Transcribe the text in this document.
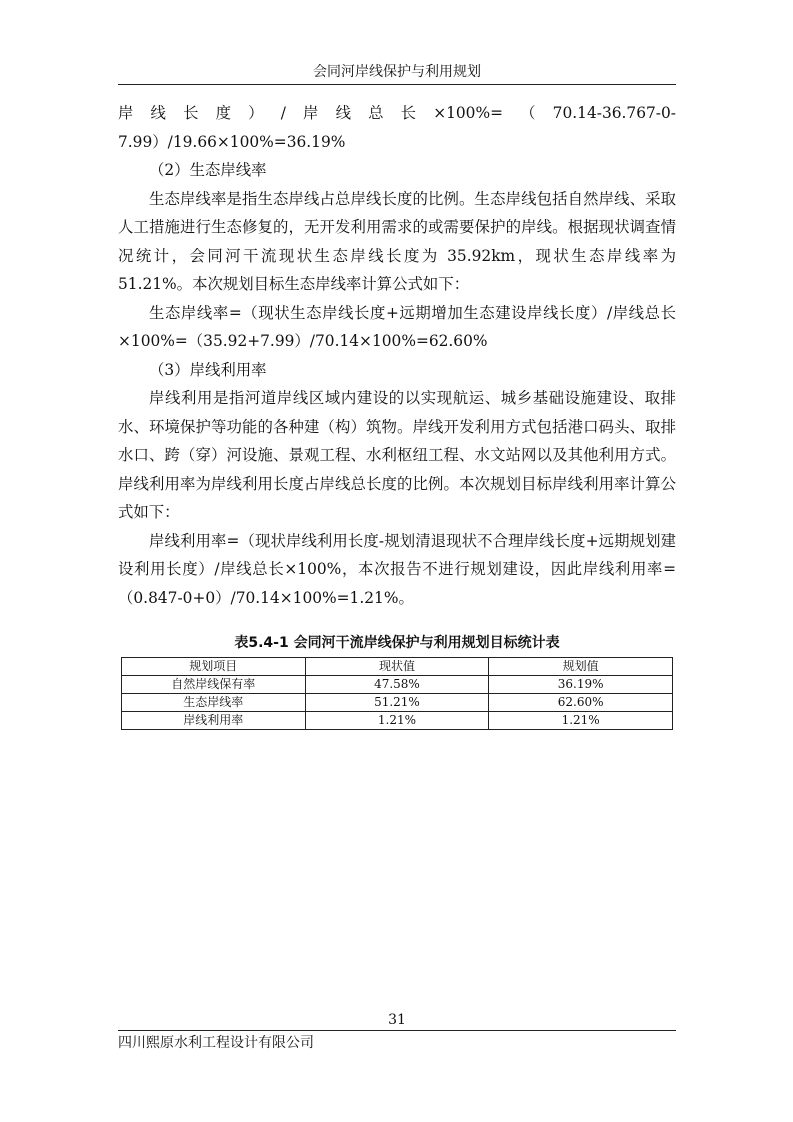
会同河岸线保护与利用规划

岸线长度）/岸线总长×100%=（70.14-36.767-0-7.99）/19.66×100%=36.19%

（2）生态岸线率

生态岸线率是指生态岸线占总岸线长度的比例。生态岸线包括自然岸线、采取人工措施进行生态修复的，无开发利用需求的或需要保护的岸线。根据现状调查情况统计，会同河干流现状生态岸线长度为 35.92km，现状生态岸线率为 51.21%。本次规划目标生态岸线率计算公式如下：

生态岸线率=（现状生态岸线长度+远期增加生态建设岸线长度）/岸线总长×100%=（35.92+7.99）/70.14×100%=62.60%

（3）岸线利用率

岸线利用是指河道岸线区域内建设的以实现航运、城乡基础设施建设、取排水、环境保护等功能的各种建（构）筑物。岸线开发利用方式包括港口码头、取排水口、跨（穿）河设施、景观工程、水利枢纽工程、水文站网以及其他利用方式。岸线利用率为岸线利用长度占岸线总长度的比例。本次规划目标岸线利用率计算公式如下：

岸线利用率=（现状岸线利用长度-规划清退现状不合理岸线长度+远期规划建设利用长度）/岸线总长×100%，本次报告不进行规划建设，因此岸线利用率=（0.847-0+0）/70.14×100%=1.21%。

表5.4-1 会同河干流岸线保护与利用规划目标统计表
规划项目	现状值	规划值
自然岸线保有率	47.58%	36.19%
生态岸线率	51.21%	62.60%
岸线利用率	1.21%	1.21%
31
四川熙原水利工程设计有限公司
